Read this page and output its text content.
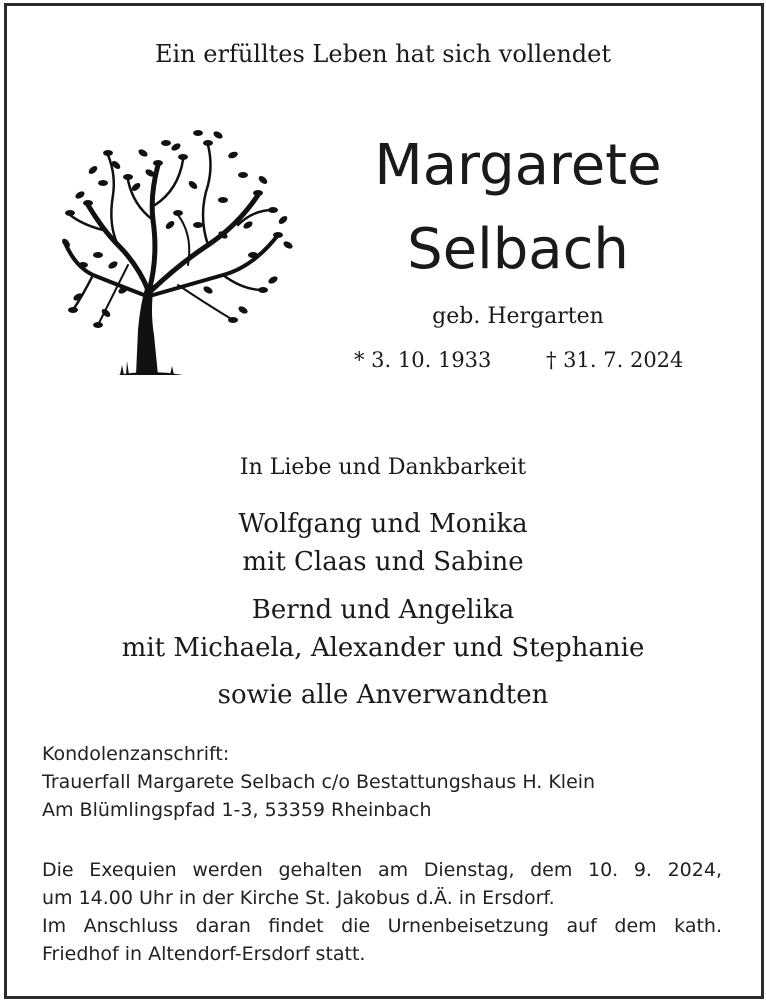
Ein erfülltes Leben hat sich vollendet
Margarete
Selbach
geb. Hergarten
* 3. 10. 1933	† 31. 7. 2024
In Liebe und Dankbarkeit
Wolfgang und Monika
mit Claas und Sabine
Bernd und Angelika
mit Michaela, Alexander und Stephanie
sowie alle Anverwandten
Kondolenzanschrift:
Trauerfall Margarete Selbach c/o Bestattungshaus H. Klein
Am Blümlingspfad 1-3, 53359 Rheinbach
Die Exequien werden gehalten am Dienstag, dem 10. 9. 2024,
um 14.00 Uhr in der Kirche St. Jakobus d.Ä. in Ersdorf.
Im Anschluss daran findet die Urnenbeisetzung auf dem kath.
Friedhof in Altendorf-Ersdorf statt.
